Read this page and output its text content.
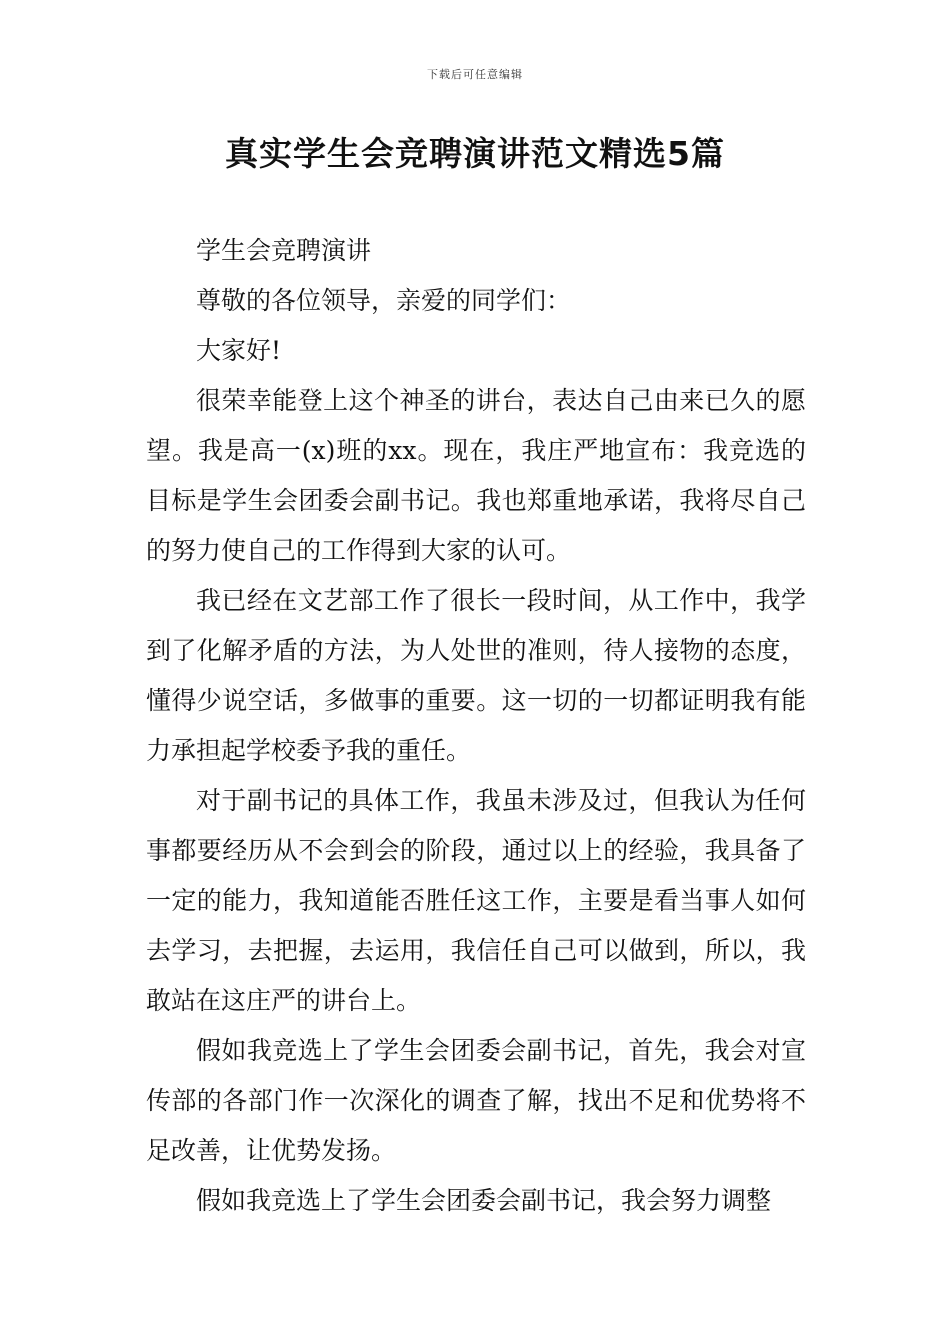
下载后可任意编辑
真实学生会竞聘演讲范文精选5篇

学生会竞聘演讲

尊敬的各位领导，亲爱的同学们：

大家好!

很荣幸能登上这个神圣的讲台，表达自己由来已久的愿望。我是高一(x)班的xx。现在，我庄严地宣布：我竞选的目标是学生会团委会副书记。我也郑重地承诺，我将尽自己的努力使自己的工作得到大家的认可。

我已经在文艺部工作了很长一段时间，从工作中，我学到了化解矛盾的方法，为人处世的准则，待人接物的态度，懂得少说空话，多做事的重要。这一切的一切都证明我有能力承担起学校委予我的重任。

对于副书记的具体工作，我虽未涉及过，但我认为任何事都要经历从不会到会的阶段，通过以上的经验，我具备了一定的能力，我知道能否胜任这工作，主要是看当事人如何去学习，去把握，去运用，我信任自己可以做到，所以，我敢站在这庄严的讲台上。

假如我竞选上了学生会团委会副书记，首先，我会对宣传部的各部门作一次深化的调查了解，找出不足和优势将不足改善，让优势发扬。

假如我竞选上了学生会团委会副书记，我会努力调整
